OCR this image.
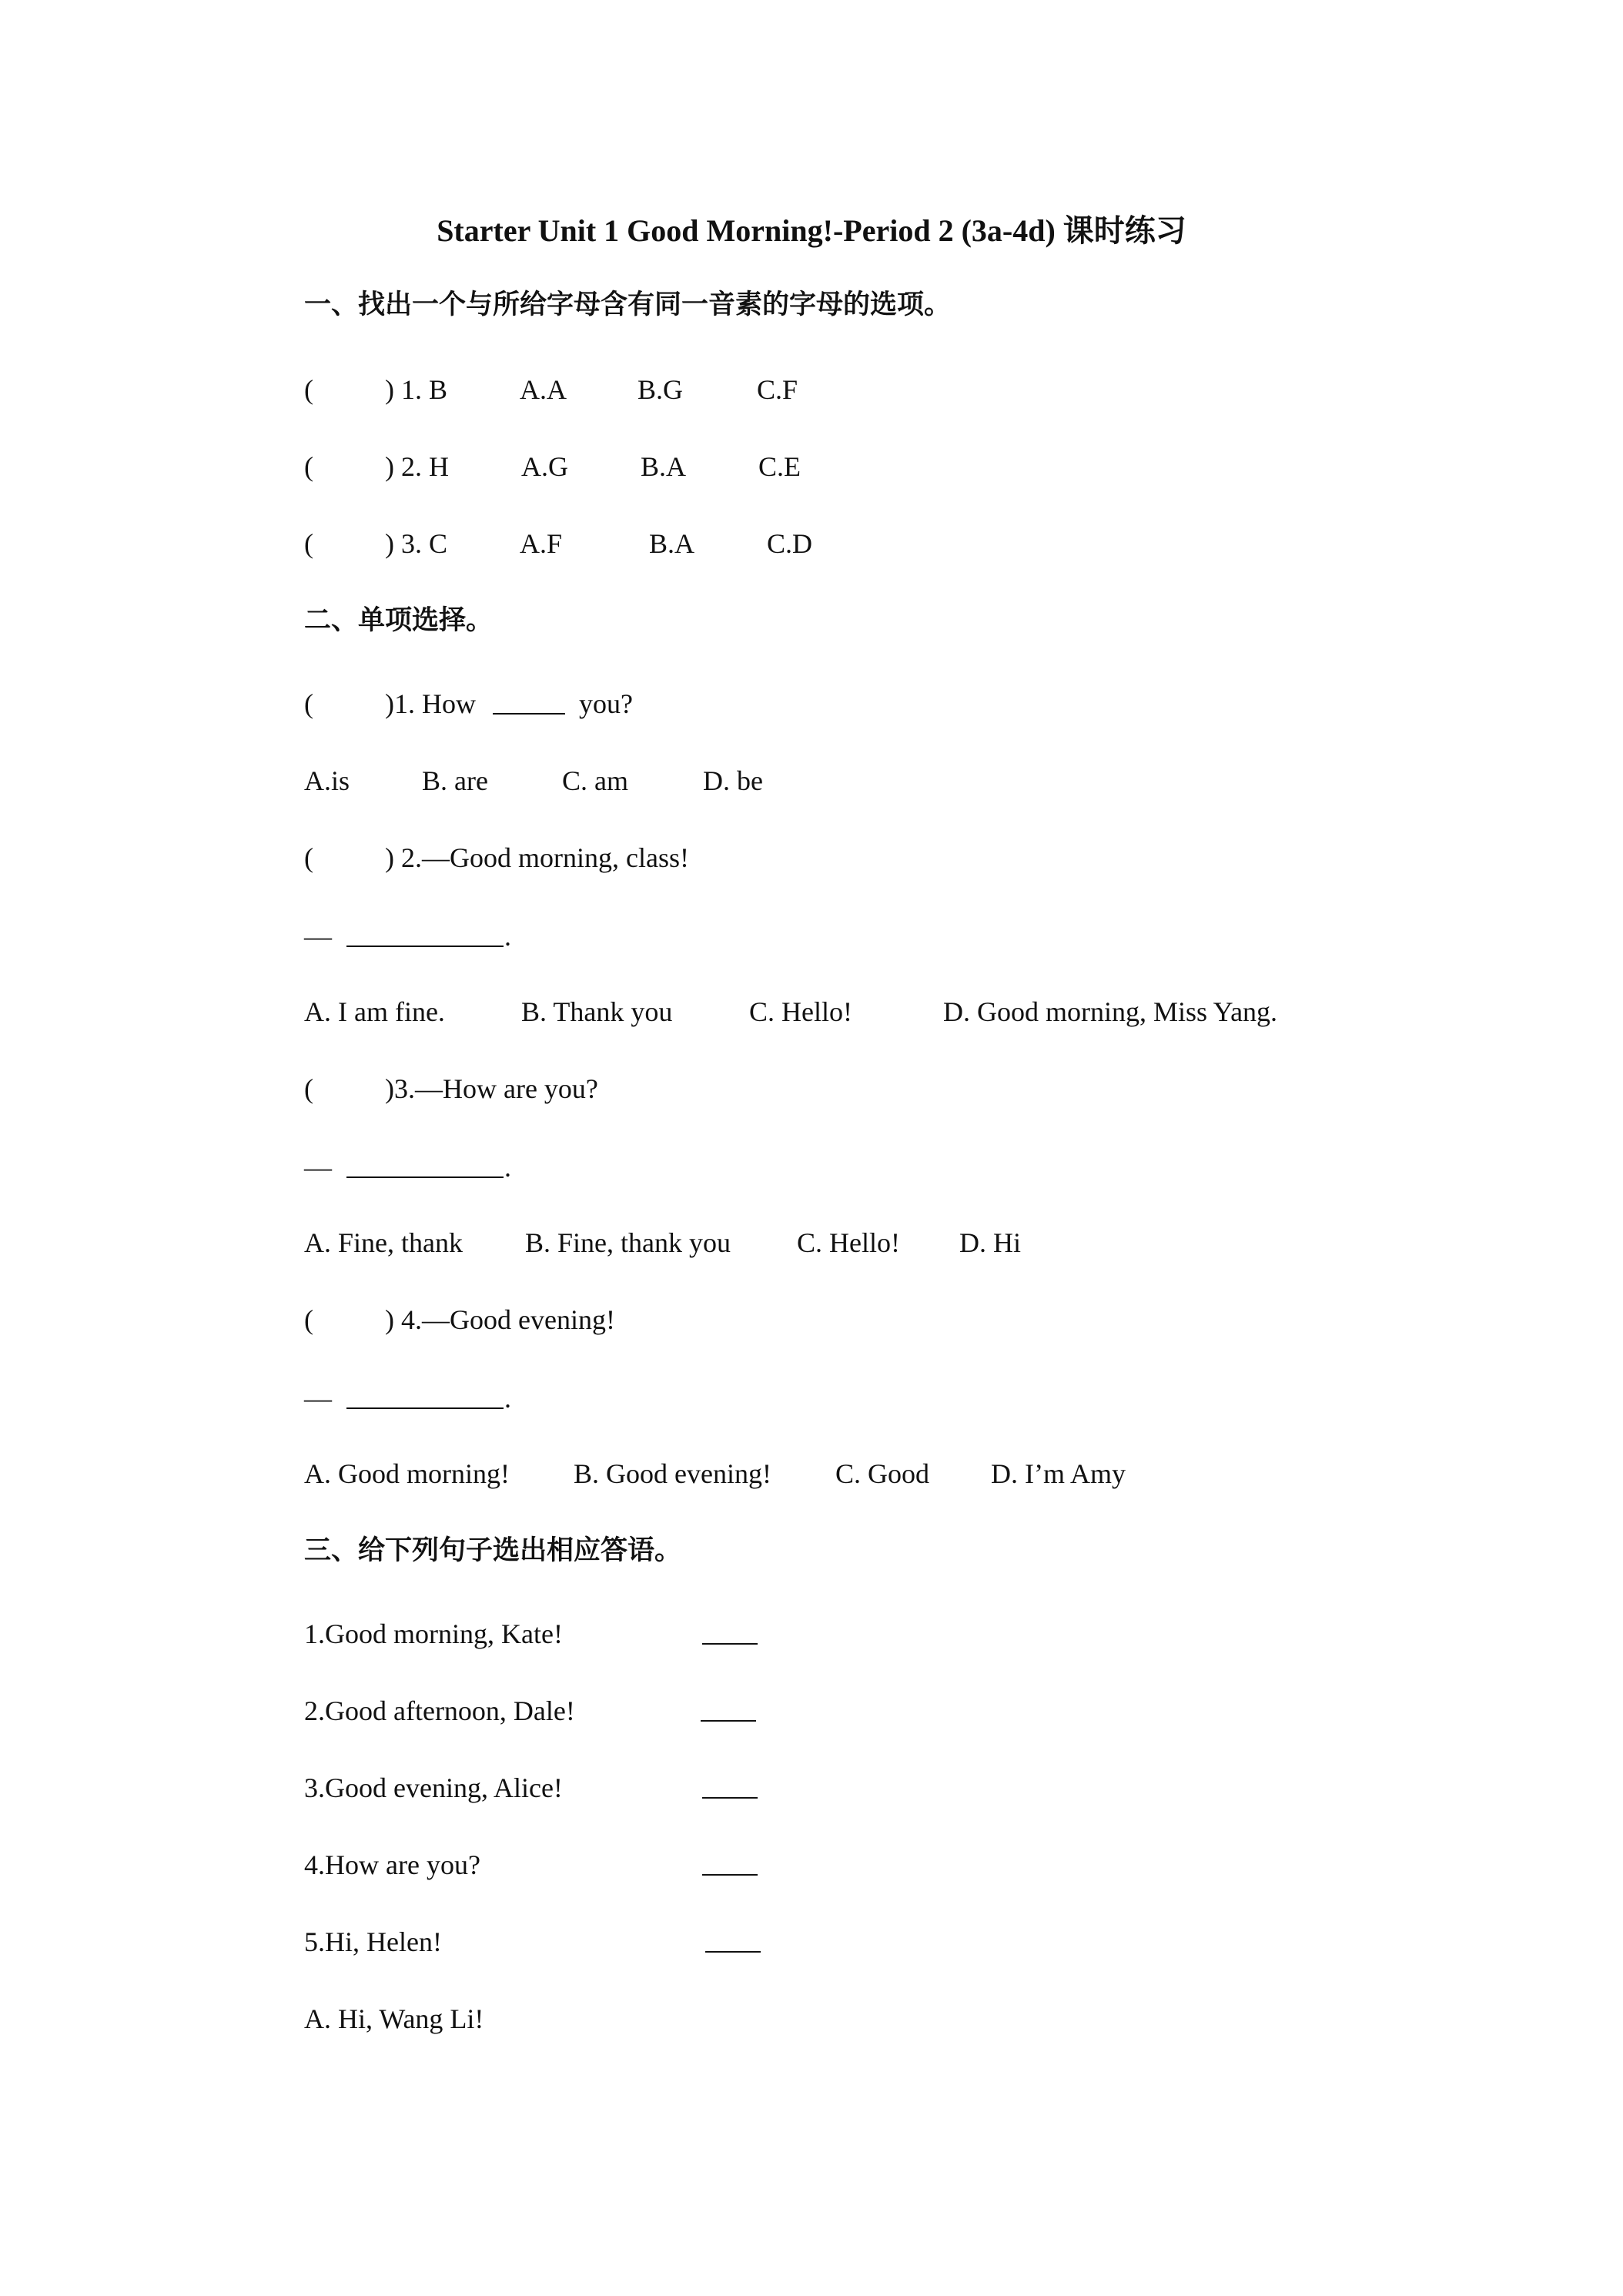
Starter Unit 1 Good Morning!-Period 2 (3a-4d) 课时练习
一、找出一个与所给字母含有同一音素的字母的选项。
(	) 1. B	A.A	B.G	C.F
(	) 2. H	A.G	B.A	C.E
(	) 3. C	A.F	B.A	C.D
二、单项选择。
(	)1. How	you?
A.is	B. are	C. am	D. be
(	) 2.—Good morning, class!
—	.
A. I am fine.	B. Thank you	C. Hello!	D. Good morning, Miss Yang.
(	)3.—How are you?
—	.
A. Fine, thank B. Fine, thank you C. Hello! D. Hi
(	) 4.—Good evening!
—	.
A. Good morning! B. Good evening! C. Good D. I’m Amy
三、给下列句子选出相应答语。
1.Good morning, Kate!
2.Good afternoon, Dale!
3.Good evening, Alice!
4.How are you?
5.Hi, Helen!
A. Hi, Wang Li!
